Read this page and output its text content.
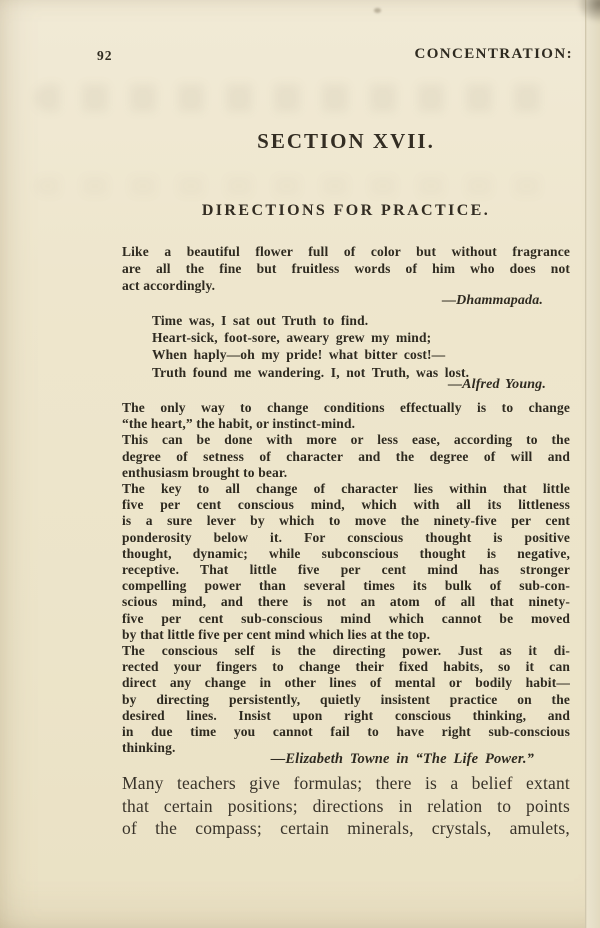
92	CONCENTRATION:
SECTION XVII.
DIRECTIONS FOR PRACTICE.
Like a beautiful flower full of color but without fragrance
are all the fine but fruitless words of him who does not
act accordingly.
—Dhammapada.
Time was, I sat out Truth to find.
Heart-sick, foot-sore, aweary grew my mind;
When haply—oh my pride! what bitter cost!—
Truth found me wandering. I, not Truth, was lost.
—Alfred Young.
The only way to change conditions effectually is to change
“the heart,” the habit, or instinct-mind.
This can be done with more or less ease, according to the
degree of setness of character and the degree of will and
enthusiasm brought to bear.
The key to all change of character lies within that little
five per cent conscious mind, which with all its littleness
is a sure lever by which to move the ninety-five per cent
ponderosity below it. For conscious thought is positive
thought, dynamic; while subconscious thought is negative,
receptive. That little five per cent mind has stronger
compelling power than several times its bulk of sub-con-
scious mind, and there is not an atom of all that ninety-
five per cent sub-conscious mind which cannot be moved
by that little five per cent mind which lies at the top.
The conscious self is the directing power. Just as it di-
rected your fingers to change their fixed habits, so it can
direct any change in other lines of mental or bodily habit—
by directing persistently, quietly insistent practice on the
desired lines. Insist upon right conscious thinking, and
in due time you cannot fail to have right sub-conscious
thinking.
—Elizabeth Towne in “The Life Power.”
Many teachers give formulas; there is a belief extant
that certain positions; directions in relation to points
of the compass; certain minerals, crystals, amulets,
